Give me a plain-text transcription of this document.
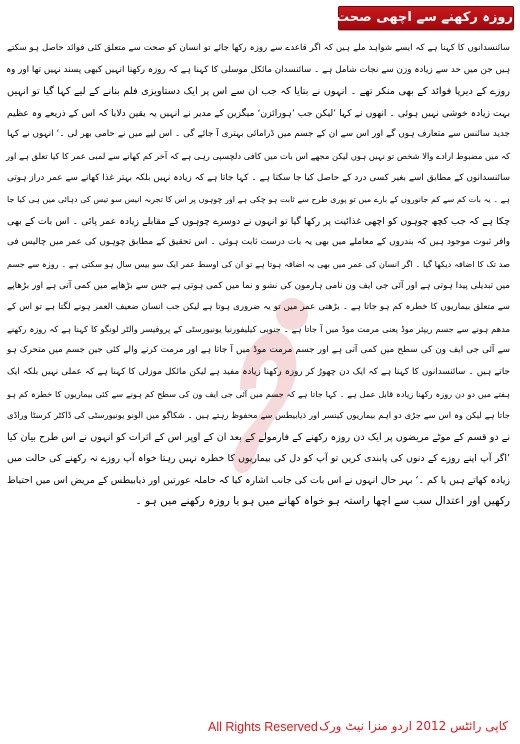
روزہ رکھنے سے اچھی صحت، عمر درازی
سائنسدانوں کا کہنا ہے کہ ایسے شواہد ملے ہیں کہ اگر قاعدے سے روزہ رکھا جائے تو انسان کو صحت سے متعلق کئی فوائد حاصل ہو سکتے
ہیں جن میں حد سے زیادہ وزن سے نجات شامل ہے ۔ سائنسدان مائکل موسلی کا کہنا ہے کہ روزہ رکھنا انہیں کبھی پسند نہیں تھا اور وہ
روزے کے دیرپا فوائد کے بھی منکر تھے ۔ انہوں نے بتایا کہ جب ان سے اس پر ایک دستاویزی فلم بنانے کے لیے کہا گیا تو انہیں
بہت زیادہ خوشی نہیں ہوئی ۔ انھوں نے کہا ’لیکن جب ’ہورائزن‘ میگزین کے مدیر نے انہیں یہ یقین دلایا کہ اس کے ذریعے وہ عظیم
جدید سائنس سے متعارف ہوں گے اور اس سے ان کے جسم میں ڈرامائی بہتری آ جائے گی ۔ اس لیے میں نے حامی بھر لی ۔‘ انہوں نے کہا
کہ میں مضبوط ارادے والا شخص تو نہیں ہوں لیکن مجھے اس بات میں کافی دلچسپی رہی ہے کہ آخر کم کھانے سے لمبی عمر کا کیا تعلق ہے اور
سائنسدانوں کے مطابق اسے بغیر کسی درد کے حاصل کیا جا سکتا ہے ۔ کہا جاتا ہے کہ زیادہ نہیں بلکہ بہتر غذا کھانے سے عمر دراز ہوتی
ہے ۔ یہ بات کم سے کم جانوروں کے بارے میں تو پوری طرح سے ثابت ہو چکی ہے اور چوہوں پر اس کا تجربہ انیس سو تیس کی دہائی میں ہی کیا جا
چکا ہے کہ جب کچھ چوہوں کو اچھی غذائیت پر رکھا گیا تو انہوں نے دوسرے چوہوں کے مقابلے زیادہ عمر پائی ۔ اس بات کے بھی
وافر ثبوت موجود ہیں کہ بندروں کے معاملے میں بھی یہ بات درست ثابت ہوئی ۔ اس تحقیق کے مطابق چوہوں کی عمر میں چالیس فی
صد تک کا اضافہ دیکھا گیا ۔ اگر انسان کی عمر میں بھی یہ اضافہ ہوتا ہے تو ان کی اوسط عمر ایک سو بیس سال ہو سکتی ہے ۔ روزہ سے جسم
میں تبدیلی پیدا ہوتی ہے اور آئی جی ایف ون نامی ہارمون کی نشو و نما میں کمی ہوتی ہے جس سے بڑھاپے میں کمی آتی ہے اور بڑھاپے
سے متعلق بیماریوں کا خطرہ کم ہو جاتا ہے ۔ بڑھتی عمر میں تو یہ ضروری ہوتا ہے لیکن جب انسان ضعیف العمر ہونے لگتا ہے تو اس کے
مدھم ہونے سے جسم ریپئر موڈ یعنی مرمت موڈ میں آ جاتا ہے ۔ جنوبی کیلیفورنیا یونیورسٹی کے پروفیسر والٹر لونگو کا کہنا ہے کہ روزہ رکھنے
سے آئی جی ایف ون کی سطح میں کمی آتی ہے اور جسم مرمت موڈ میں آ جاتا ہے اور مرمت کرنے والے کئی جین جسم میں متحرک ہو
جاتے ہیں ۔ سائنسدانوں کا کہنا ہے کہ ایک دن چھوڑ کر روزہ رکھنا زیادہ مفید ہے لیکن مائکل موزلی کا کہنا ہے کہ عملی نہیں بلکہ ایک
ہفتے میں دو دن روزہ رکھنا زیادہ قابل عمل ہے ۔ کہا جاتا ہے کہ جسم میں آئی جی ایف ون کی سطح کم ہونے سے کئی بیماریوں کا خطرہ کم ہو
جاتا ہے لیکن وہ اس سے جڑی دو اہم بیماریوں کینسر اور ذیابیطس سے محفوظ رہتے ہیں ۔ شکاگو میں الونو یونیورسٹی کی ڈاکٹر کرسٹا وراڈی
نے دو قسم کے موٹے مریضوں پر ایک دن روزہ رکھنے کے فارمولے کے بعد ان کے اوپر اس کے اثرات کو انہوں نے اس طرح بیان کیا
’اگر آپ اپنے روزے کے دنوں کی پابندی کریں تو آپ کو دل کی بیماریوں کا خطرہ نہیں رہتا خواہ آپ روزے نہ رکھنے کی حالت میں
زیادہ کھاتے ہیں یا کم ۔‘ بہر حال انہوں نے اس بات کی جانب اشارہ کیا کہ حاملہ عورتیں اور ذیابیطس کے مریض اس میں احتیاط
رکھیں اور اعتدال سب سے اچھا راستہ ہو خواہ کھانے میں ہو یا روزہ رکھنے میں ہو ۔
All Rights Reserved کاپی رائٹس 2012 اردو منزا نیٹ ورک
